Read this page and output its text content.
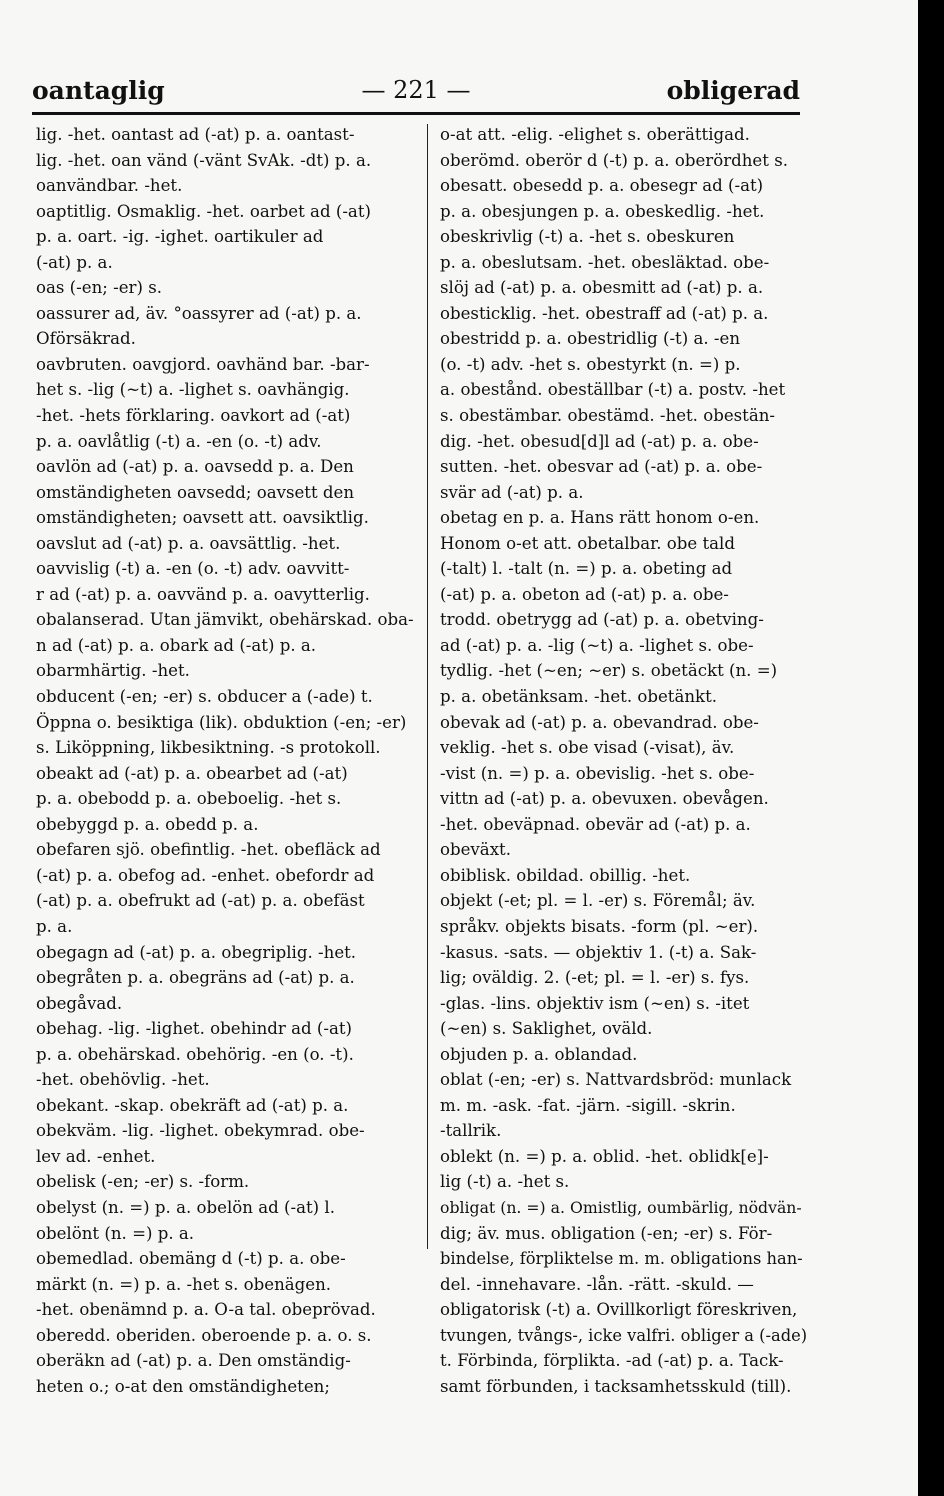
oantaglig	— 221 —	obligerad
lig. -het. oantast ad (-at) p. a. oantast-
lig. -het. oan vänd (-vänt SvAk. -dt) p. a.
oanvändbar. -het.
oaptitlig. Osmaklig. -het. oarbet ad (-at)
p. a. oart. -ig. -ighet. oartikuler ad
(-at) p. a.
oas (-en; -er) s.
oassurer ad, äv. °oassyrer ad (-at) p. a.
Oförsäkrad.
oavbruten. oavgjord. oavhänd bar. -bar-
het s. -lig (~t) a. -lighet s. oavhängig.
-het. -hets förklaring. oavkort ad (-at)
p. a. oavlåtlig (-t) a. -en (o. -t) adv.
oavlön ad (-at) p. a. oavsedd p. a. Den
omständigheten oavsedd; oavsett den
omständigheten; oavsett att. oavsiktlig.
oavslut ad (-at) p. a. oavsättlig. -het.
oavvislig (-t) a. -en (o. -t) adv. oavvitt-
r ad (-at) p. a. oavvänd p. a. oavytterlig.
obalanserad. Utan jämvikt, obehärskad. oba-
n ad (-at) p. a. obark ad (-at) p. a.
obarmhärtig. -het.
obducent (-en; -er) s. obducer a (-ade) t.
Öppna o. besiktiga (lik). obduktion (-en; -er)
s. Liköppning, likbesiktning. -s protokoll.
obeakt ad (-at) p. a. obearbet ad (-at)
p. a. obebodd p. a. obeboelig. -het s.
obebyggd p. a. obedd p. a.
obefaren sjö. obefintlig. -het. obefläck ad
(-at) p. a. obefog ad. -enhet. obefordr ad
(-at) p. a. obefrukt ad (-at) p. a. obefäst
p. a.
obegagn ad (-at) p. a. obegriplig. -het.
obegråten p. a. obegräns ad (-at) p. a.
obegåvad.
obehag. -lig. -lighet. obehindr ad (-at)
p. a. obehärskad. obehörig. -en (o. -t).
-het. obehövlig. -het.
obekant. -skap. obekräft ad (-at) p. a.
obekväm. -lig. -lighet. obekymrad. obe-
lev ad. -enhet.
obelisk (-en; -er) s. -form.
obelyst (n. =) p. a. obelön ad (-at) l.
obelönt (n. =) p. a.
obemedlad. obemäng d (-t) p. a. obe-
märkt (n. =) p. a. -het s. obenägen.
-het. obenämnd p. a. O-a tal. obeprövad.
oberedd. oberiden. oberoende p. a. o. s.
oberäkn ad (-at) p. a. Den omständig-
heten o.; o-at den omständigheten;
o-at att. -elig. -elighet s. oberättigad.
oberömd. oberör d (-t) p. a. oberördhet s.
obesatt. obesedd p. a. obesegr ad (-at)
p. a. obesjungen p. a. obeskedlig. -het.
obeskrivlig (-t) a. -het s. obeskuren
p. a. obeslutsam. -het. obesläktad. obe-
slöj ad (-at) p. a. obesmitt ad (-at) p. a.
obesticklig. -het. obestraff ad (-at) p. a.
obestridd p. a. obestridlig (-t) a. -en
(o. -t) adv. -het s. obestyrkt (n. =) p.
a. obestånd. obeställbar (-t) a. postv. -het
s. obestämbar. obestämd. -het. obestän-
dig. -het. obesud[d]l ad (-at) p. a. obe-
sutten. -het. obesvar ad (-at) p. a. obe-
svär ad (-at) p. a.
obetag en p. a. Hans rätt honom o-en.
Honom o-et att. obetalbar. obe tald
(-talt) l. -talt (n. =) p. a. obeting ad
(-at) p. a. obeton ad (-at) p. a. obe-
trodd. obetrygg ad (-at) p. a. obetving-
ad (-at) p. a. -lig (~t) a. -lighet s. obe-
tydlig. -het (~en; ~er) s. obetäckt (n. =)
p. a. obetänksam. -het. obetänkt.
obevak ad (-at) p. a. obevandrad. obe-
veklig. -het s. obe visad (-visat), äv.
-vist (n. =) p. a. obevislig. -het s. obe-
vittn ad (-at) p. a. obevuxen. obevågen.
-het. obeväpnad. obevär ad (-at) p. a.
obeväxt.
obiblisk. obildad. obillig. -het.
objekt (-et; pl. = l. -er) s. Föremål; äv.
språkv. objekts bisats. -form (pl. ~er).
-kasus. -sats. — objektiv 1. (-t) a. Sak-
lig; oväldig. 2. (-et; pl. = l. -er) s. fys.
-glas. -lins. objektiv ism (~en) s. -itet
(~en) s. Saklighet, oväld.
objuden p. a. oblandad.
oblat (-en; -er) s. Nattvardsbröd: munlack
m. m. -ask. -fat. -järn. -sigill. -skrin.
-tallrik.
oblekt (n. =) p. a. oblid. -het. oblidk[e]-
lig (-t) a. -het s.
obligat (n. =) a. Omistlig, oumbärlig, nödvän-
dig; äv. mus. obligation (-en; -er) s. För-
bindelse, förpliktelse m. m. obligations han-
del. -innehavare. -lån. -rätt. -skuld. —
obligatorisk (-t) a. Ovillkorligt föreskriven,
tvungen, tvångs-, icke valfri. obliger a (-ade)
t. Förbinda, förplikta. -ad (-at) p. a. Tack-
samt förbunden, i tacksamhetsskuld (till).
